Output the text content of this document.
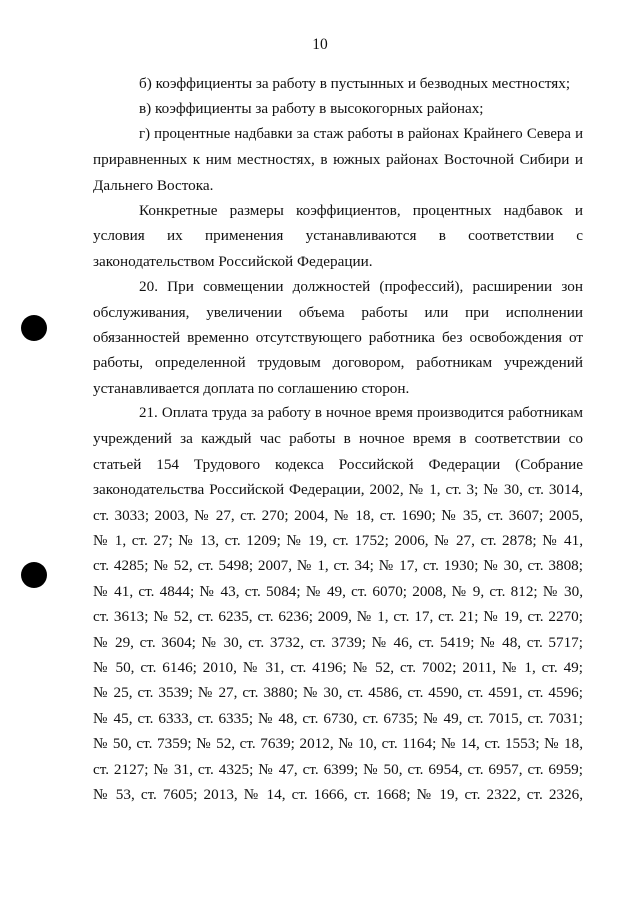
10
б) коэффициенты за работу в пустынных и безводных местностях;
в) коэффициенты за работу в высокогорных районах;
г) процентные надбавки за стаж работы в районах Крайнего Севера и
приравненных к ним местностях, в южных районах Восточной Сибири и
Дальнего Востока.
Конкретные размеры коэффициентов, процентных надбавок и
условия их применения устанавливаются в соответствии с
законодательством Российской Федерации.
20. При совмещении должностей (профессий), расширении зон
обслуживания, увеличении объема работы или при исполнении
обязанностей временно отсутствующего работника без освобождения от
работы, определенной трудовым договором, работникам учреждений
устанавливается доплата по соглашению сторон.
21. Оплата труда за работу в ночное время производится работникам
учреждений за каждый час работы в ночное время в соответствии со
статьей 154 Трудового кодекса Российской Федерации (Собрание
законодательства Российской Федерации, 2002, № 1, ст. 3; № 30, ст. 3014,
ст. 3033; 2003, № 27, ст. 270; 2004, № 18, ст. 1690; № 35, ст. 3607; 2005,
№ 1, ст. 27; № 13, ст. 1209; № 19, ст. 1752; 2006, № 27, ст. 2878; № 41,
ст. 4285; № 52, ст. 5498; 2007, № 1, ст. 34; № 17, ст. 1930; № 30, ст. 3808;
№ 41, ст. 4844; № 43, ст. 5084; № 49, ст. 6070; 2008, № 9, ст. 812; № 30,
ст. 3613; № 52, ст. 6235, ст. 6236; 2009, № 1, ст. 17, ст. 21; № 19, ст. 2270;
№ 29, ст. 3604; № 30, ст. 3732, ст. 3739; № 46, ст. 5419; № 48, ст. 5717;
№ 50, ст. 6146; 2010, № 31, ст. 4196; № 52, ст. 7002; 2011, № 1, ст. 49;
№ 25, ст. 3539; № 27, ст. 3880; № 30, ст. 4586, ст. 4590, ст. 4591, ст. 4596;
№ 45, ст. 6333, ст. 6335; № 48, ст. 6730, ст. 6735; № 49, ст. 7015, ст. 7031;
№ 50, ст. 7359; № 52, ст. 7639; 2012, № 10, ст. 1164; № 14, ст. 1553; № 18,
ст. 2127; № 31, ст. 4325; № 47, ст. 6399; № 50, ст. 6954, ст. 6957, ст. 6959;
№ 53, ст. 7605; 2013, № 14, ст. 1666, ст. 1668; № 19, ст. 2322, ст. 2326,
